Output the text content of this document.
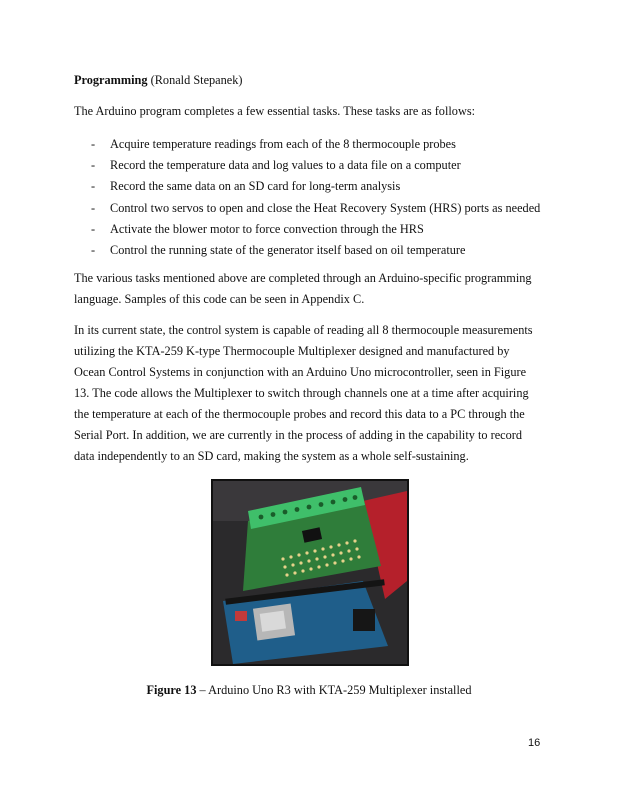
Programming (Ronald Stepanek)
The Arduino program completes a few essential tasks. These tasks are as follows:
- Acquire temperature readings from each of the 8 thermocouple probes
- Record the temperature data and log values to a data file on a computer
- Record the same data on an SD card for long-term analysis
- Control two servos to open and close the Heat Recovery System (HRS) ports as needed
- Activate the blower motor to force convection through the HRS
- Control the running state of the generator itself based on oil temperature
The various tasks mentioned above are completed through an Arduino-specific programming language. Samples of this code can be seen in Appendix C.
In its current state, the control system is capable of reading all 8 thermocouple measurements utilizing the KTA-259 K-type Thermocouple Multiplexer designed and manufactured by Ocean Control Systems in conjunction with an Arduino Uno microcontroller, seen in Figure 13. The code allows the Multiplexer to switch through channels one at a time after acquiring the temperature at each of the thermocouple probes and record this data to a PC through the Serial Port. In addition, we are currently in the process of adding in the capability to record data independently to an SD card, making the system as a whole self-sustaining.
Figure 13 – Arduino Uno R3 with KTA-259 Multiplexer installed
16
